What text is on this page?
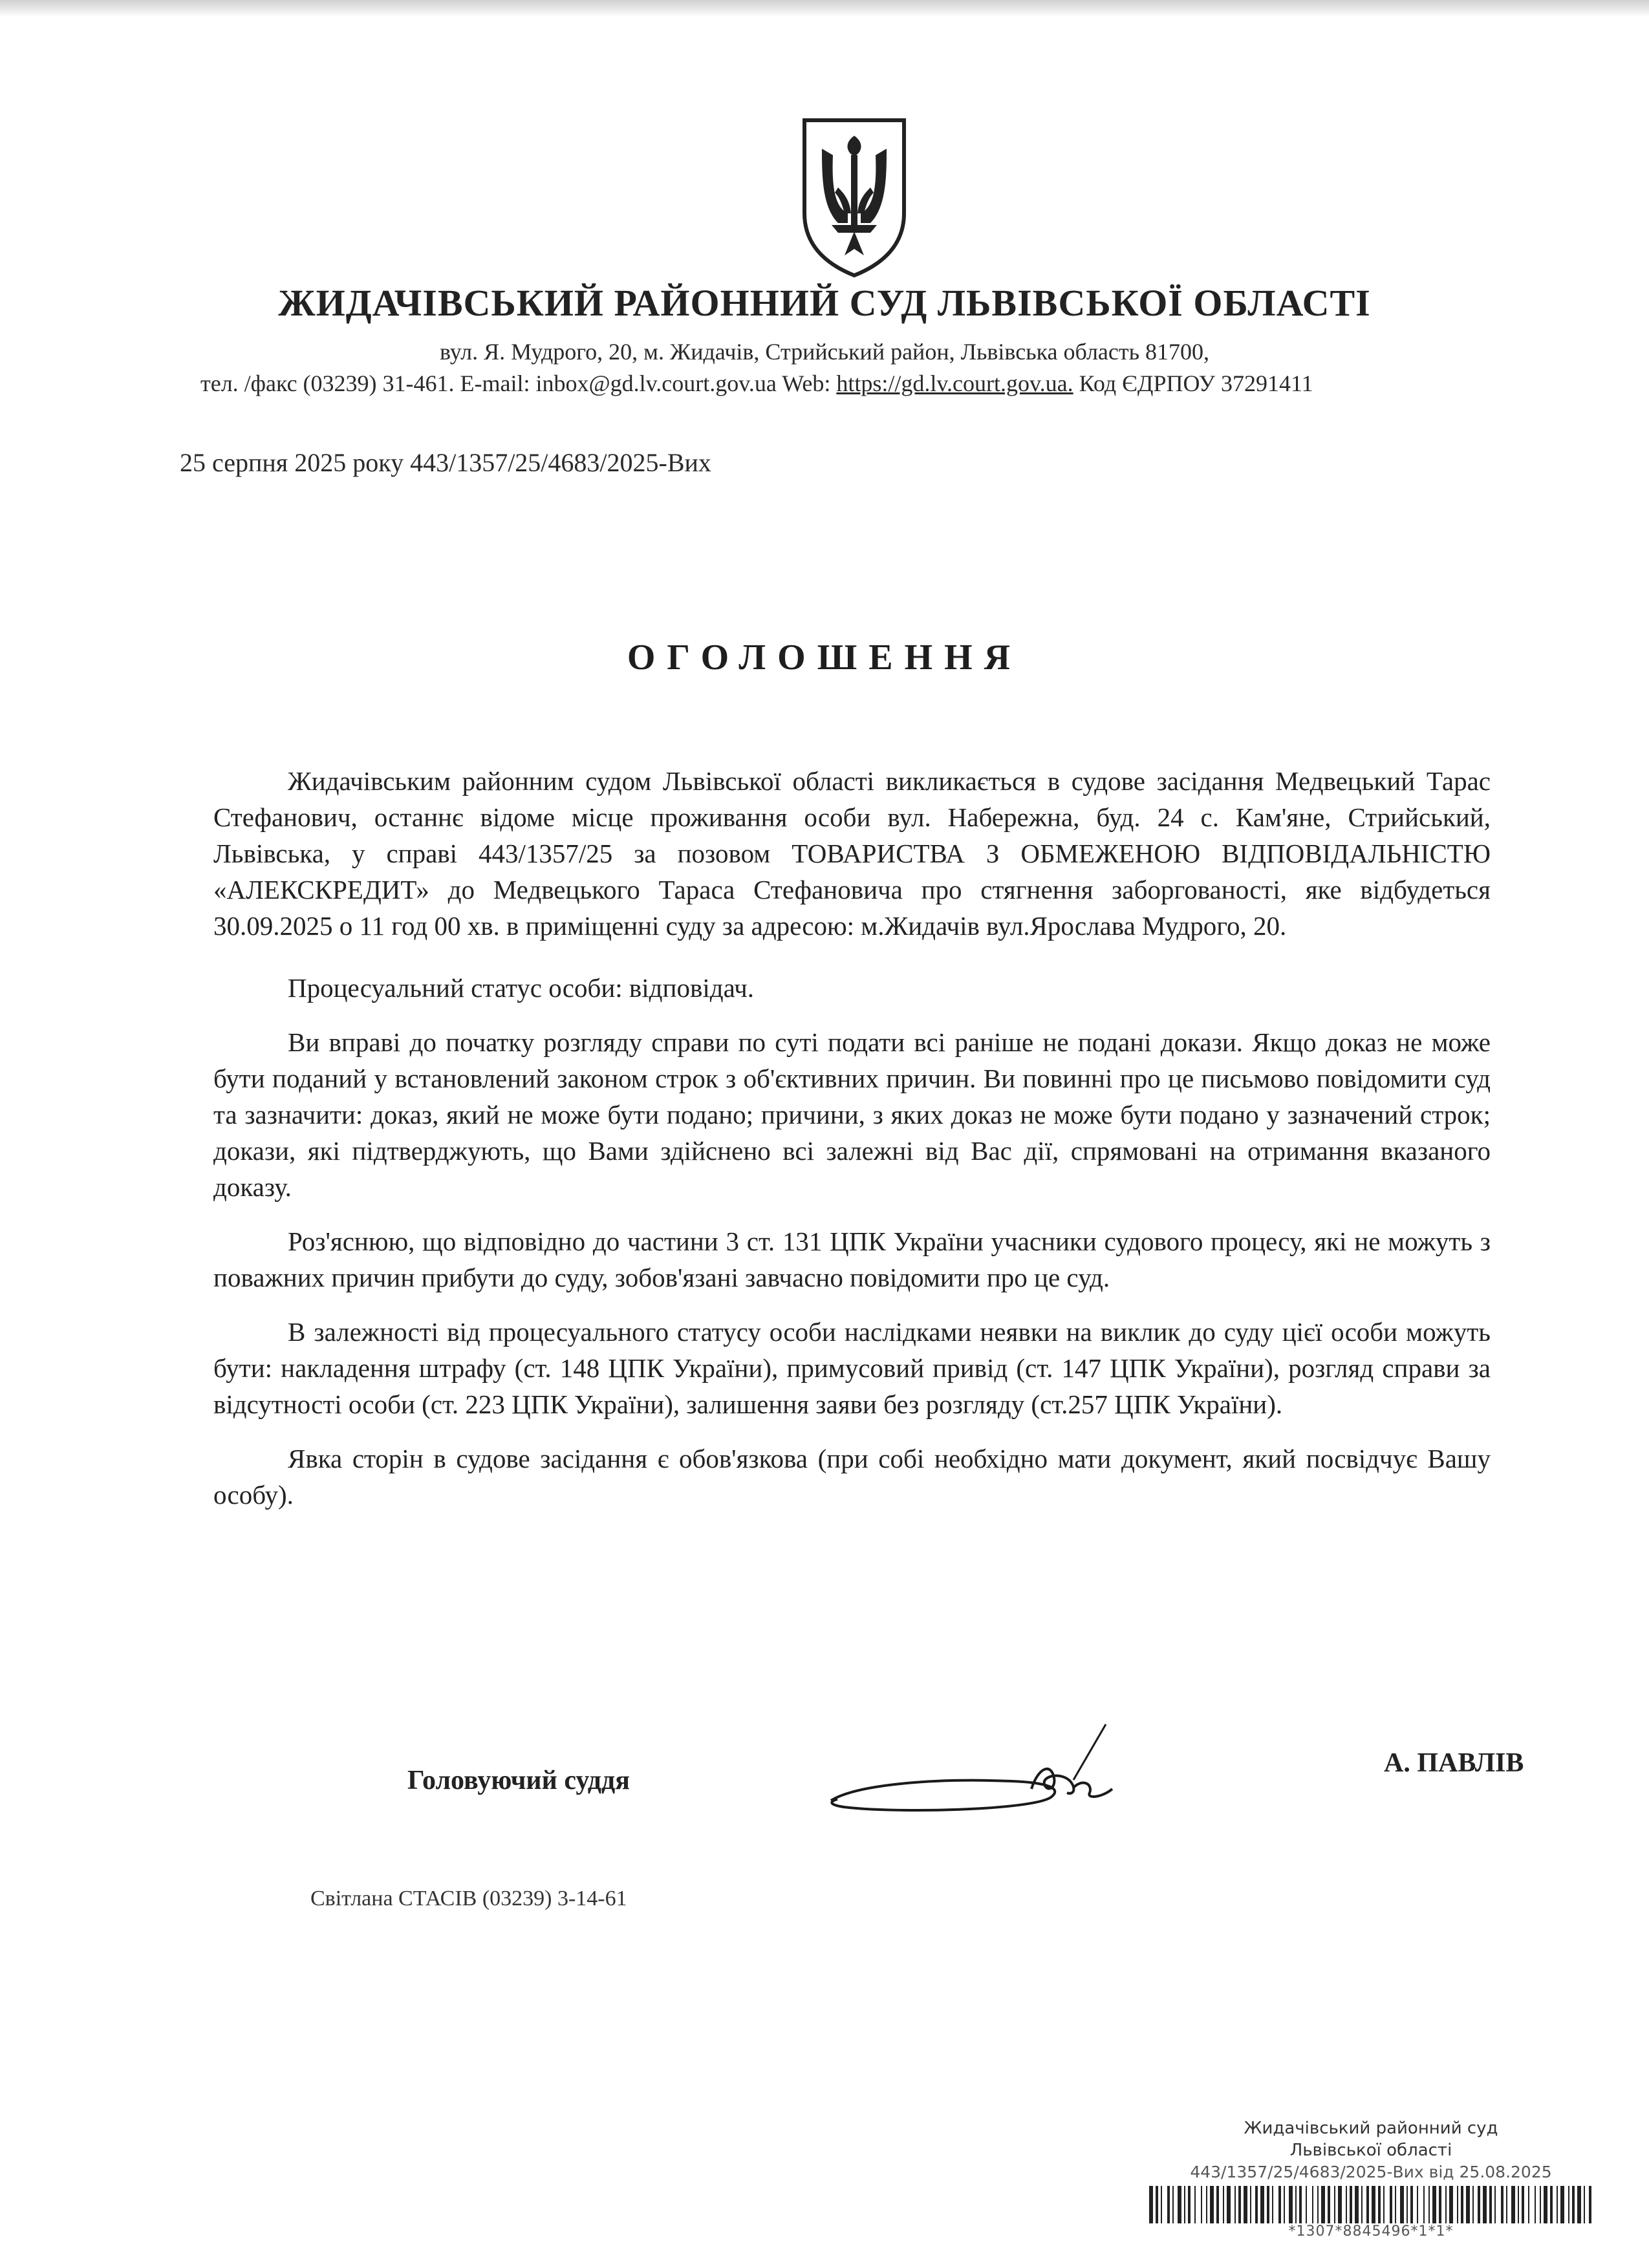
ЖИДАЧІВСЬКИЙ РАЙОННИЙ СУД ЛЬВІВСЬКОЇ ОБЛАСТІ
вул. Я. Мудрого, 20, м. Жидачів, Стрийський район, Львівська область 81700,
тел. /факс (03239) 31-461. E-mail: inbox@gd.lv.court.gov.ua Web: https://gd.lv.court.gov.ua. Код ЄДРПОУ 37291411
25 серпня 2025 року 443/1357/25/4683/2025-Вих
ОГОЛОШЕННЯ

Жидачівським районним судом Львівської області викликається в судове засідання Медвецький Тарас Стефанович, останнє відоме місце проживання особи вул. Набережна, буд. 24 с. Кам'яне, Стрийський, Львівська, у справі 443/1357/25 за позовом ТОВАРИСТВА З ОБМЕЖЕНОЮ ВІДПОВІДАЛЬНІСТЮ «АЛЕКСКРЕДИТ» до Медвецького Тараса Стефановича про стягнення заборгованості, яке відбудеться 30.09.2025 о 11 год 00 хв. в приміщенні суду за адресою: м.Жидачів вул.Ярослава Мудрого, 20.

Процесуальний статус особи: відповідач.

Ви вправі до початку розгляду справи по суті подати всі раніше не подані докази. Якщо доказ не може бути поданий у встановлений законом строк з об'єктивних причин. Ви повинні про це письмово повідомити суд та зазначити: доказ, який не може бути подано; причини, з яких доказ не може бути подано у зазначений строк; докази, які підтверджують, що Вами здійснено всі залежні від Вас дії, спрямовані на отримання вказаного доказу.

Роз'яснюю, що відповідно до частини 3 ст. 131 ЦПК України учасники судового процесу, які не можуть з поважних причин прибути до суду, зобов'язані завчасно повідомити про це суд.

В залежності від процесуального статусу особи наслідками неявки на виклик до суду цієї особи можуть бути: накладення штрафу (ст. 148 ЦПК України), примусовий привід (ст. 147 ЦПК України), розгляд справи за відсутності особи (ст. 223 ЦПК України), залишення заяви без розгляду (ст.257 ЦПК України).

Явка сторін в судове засідання є обов'язкова (при собі необхідно мати документ, який посвідчує Вашу особу).

Головуючий суддя
А. ПАВЛІВ
Світлана СТАСІВ (03239) 3-14-61
Жидачівський районний суд
Львівської області
443/1357/25/4683/2025-Вих від 25.08.2025
*1307*8845496*1*1*
